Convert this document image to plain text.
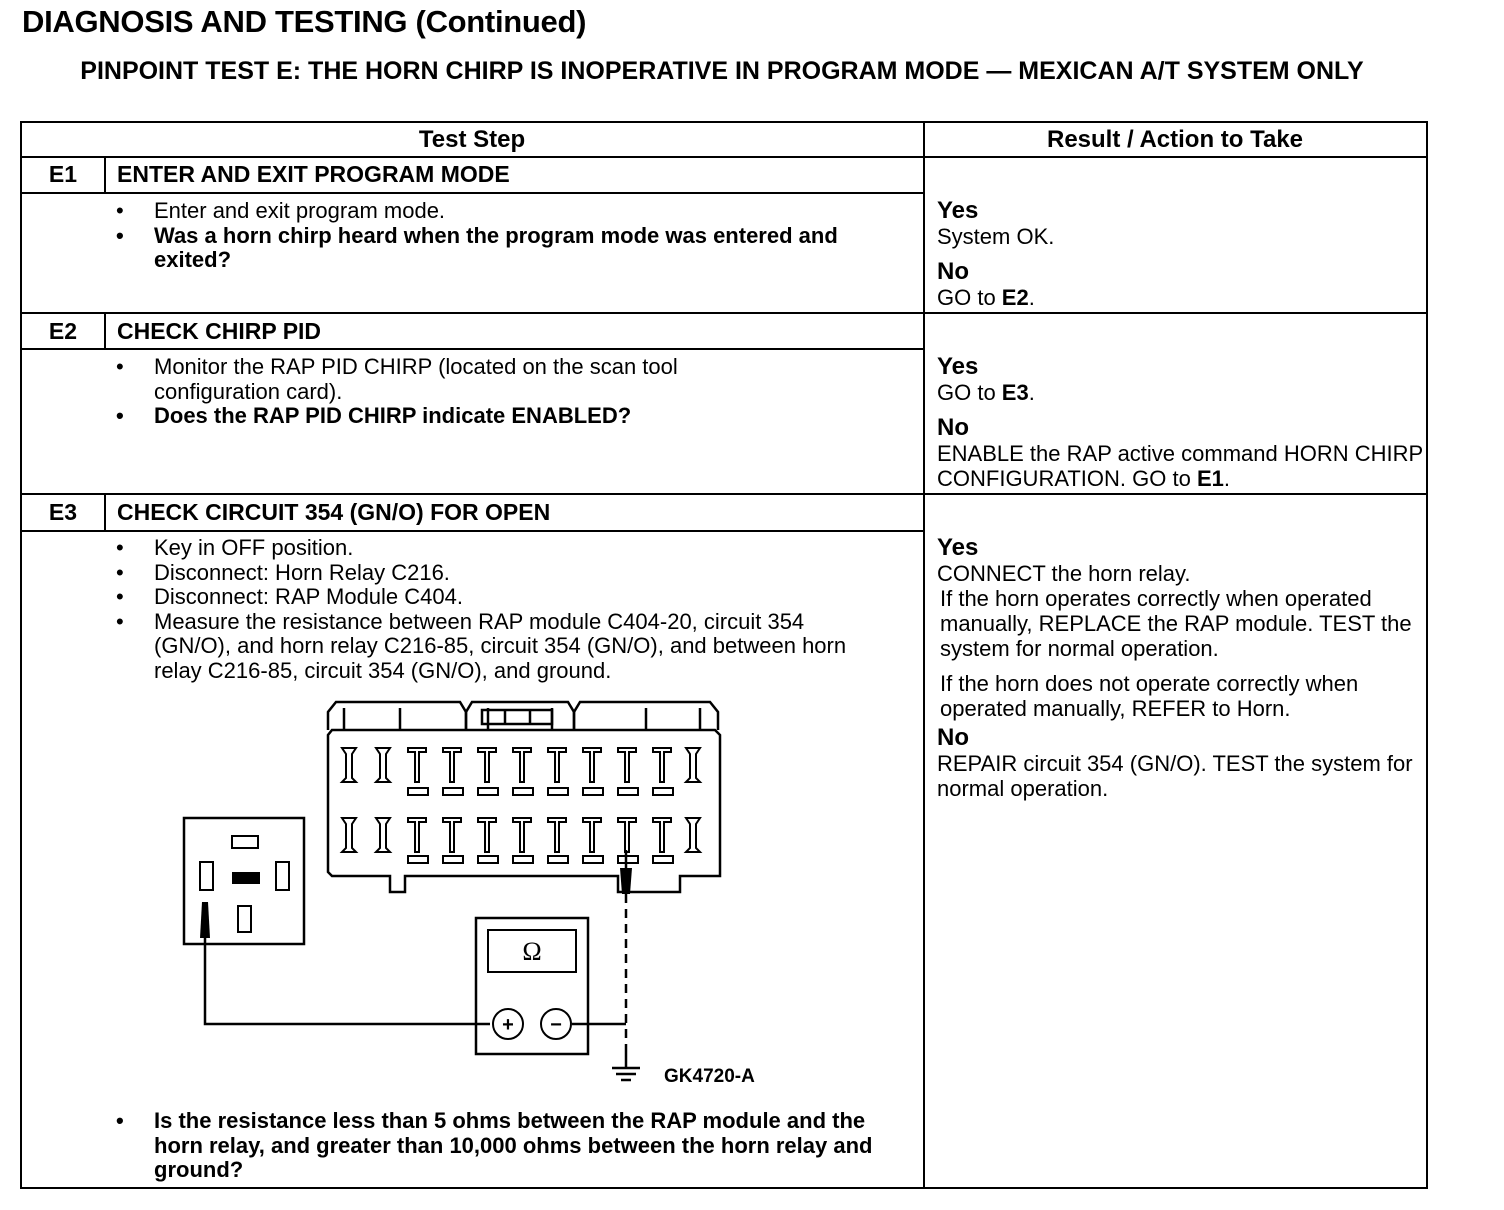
DIAGNOSIS AND TESTING (Continued)
PINPOINT TEST E: THE HORN CHIRP IS INOPERATIVE IN PROGRAM MODE — MEXICAN A/T SYSTEM ONLY
Test Step	Result / Action to Take
E1	ENTER AND EXIT PROGRAM MODE
• Enter and exit program mode.
• Was a horn chirp heard when the program mode was entered and exited?
Yes
System OK.
No
GO to E2.
E2	CHECK CHIRP PID
• Monitor the RAP PID CHIRP (located on the scan tool configuration card).
• Does the RAP PID CHIRP indicate ENABLED?
Yes
GO to E3.
No
ENABLE the RAP active command HORN CHIRP CONFIGURATION. GO to E1.
E3	CHECK CIRCUIT 354 (GN/O) FOR OPEN
• Key in OFF position.
• Disconnect: Horn Relay C216.
• Disconnect: RAP Module C404.
• Measure the resistance between RAP module C404-20, circuit 354 (GN/O), and horn relay C216-85, circuit 354 (GN/O), and between horn relay C216-85, circuit 354 (GN/O), and ground.
Ω
+ −
GK4720-A
• Is the resistance less than 5 ohms between the RAP module and the horn relay, and greater than 10,000 ohms between the horn relay and ground?
Yes
CONNECT the horn relay.
If the horn operates correctly when operated manually, REPLACE the RAP module. TEST the system for normal operation.
If the horn does not operate correctly when operated manually, REFER to Horn.
No
REPAIR circuit 354 (GN/O). TEST the system for normal operation.
